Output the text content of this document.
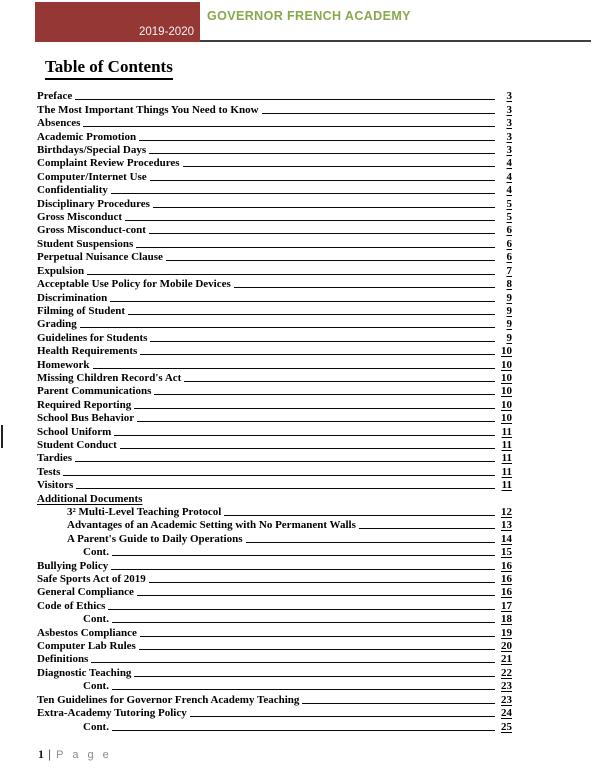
2019-2020
GOVERNOR FRENCH ACADEMY
Table of Contents
Preface	3
The Most Important Things You Need to Know	3
Absences	3
Academic Promotion	3
Birthdays/Special Days	3
Complaint Review Procedures	4
Computer/Internet Use	4
Confidentiality	4
Disciplinary Procedures	5
Gross Misconduct	5
Gross Misconduct-cont	6
Student Suspensions	6
Perpetual Nuisance Clause	6
Expulsion	7
Acceptable Use Policy for Mobile Devices	8
Discrimination	9
Filming of Student	9
Grading	9
Guidelines for Students	9
Health Requirements	10
Homework	10
Missing Children Record's Act	10
Parent Communications	10
Required Reporting	10
School Bus Behavior	10
School Uniform	11
Student Conduct	11
Tardies	11
Tests	11
Visitors	11
Additional Documents
3² Multi-Level Teaching Protocol	12
Advantages of an Academic Setting with No Permanent Walls	13
A Parent's Guide to Daily Operations	14
Cont.	15
Bullying Policy	16
Safe Sports Act of 2019	16
General Compliance	16
Code of Ethics	17
Cont.	18
Asbestos Compliance	19
Computer Lab Rules	20
Definitions	21
Diagnostic Teaching	22
Cont.	23
Ten Guidelines for Governor French Academy Teaching	23
Extra-Academy Tutoring Policy	24
Cont.	25
1 | P a g e
